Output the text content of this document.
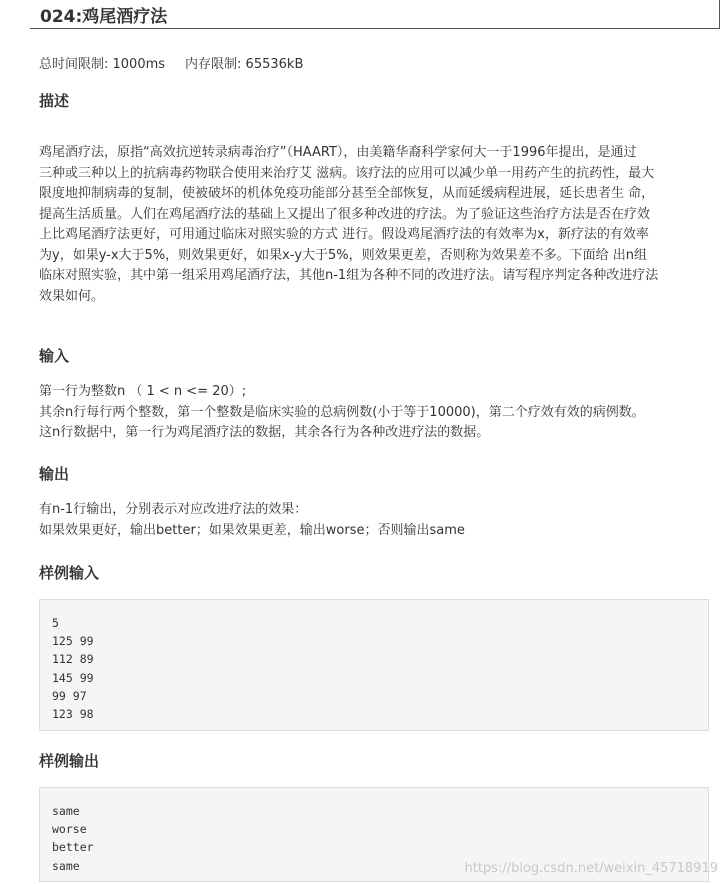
024:鸡尾酒疗法
总时间限制: 1000ms 内存限制: 65536kB
描述
鸡尾酒疗法，原指“高效抗逆转录病毒治疗”（HAART），由美籍华裔科学家何大一于1996年提出，是通过
三种或三种以上的抗病毒药物联合使用来治疗艾 滋病。该疗法的应用可以减少单一用药产生的抗药性，最大
限度地抑制病毒的复制，使被破坏的机体免疫功能部分甚至全部恢复，从而延缓病程进展，延长患者生 命，
提高生活质量。人们在鸡尾酒疗法的基础上又提出了很多种改进的疗法。为了验证这些治疗方法是否在疗效
上比鸡尾酒疗法更好，可用通过临床对照实验的方式 进行。假设鸡尾酒疗法的有效率为x，新疗法的有效率
为y，如果y-x大于5%，则效果更好，如果x-y大于5%，则效果更差，否则称为效果差不多。下面给 出n组
临床对照实验，其中第一组采用鸡尾酒疗法，其他n-1组为各种不同的改进疗法。请写程序判定各种改进疗法
效果如何。
输入
第一行为整数n （ 1 < n <= 20）;
其余n行每行两个整数，第一个整数是临床实验的总病例数(小于等于10000)，第二个疗效有效的病例数。
这n行数据中，第一行为鸡尾酒疗法的数据，其余各行为各种改进疗法的数据。
输出
有n-1行输出，分别表示对应改进疗法的效果：
如果效果更好，输出better；如果效果更差，输出worse；否则输出same
样例输入
5
125 99
112 89
145 99
99 97
123 98
样例输出
same
worse
better
same	https://blog.csdn.net/weixin_45718919
